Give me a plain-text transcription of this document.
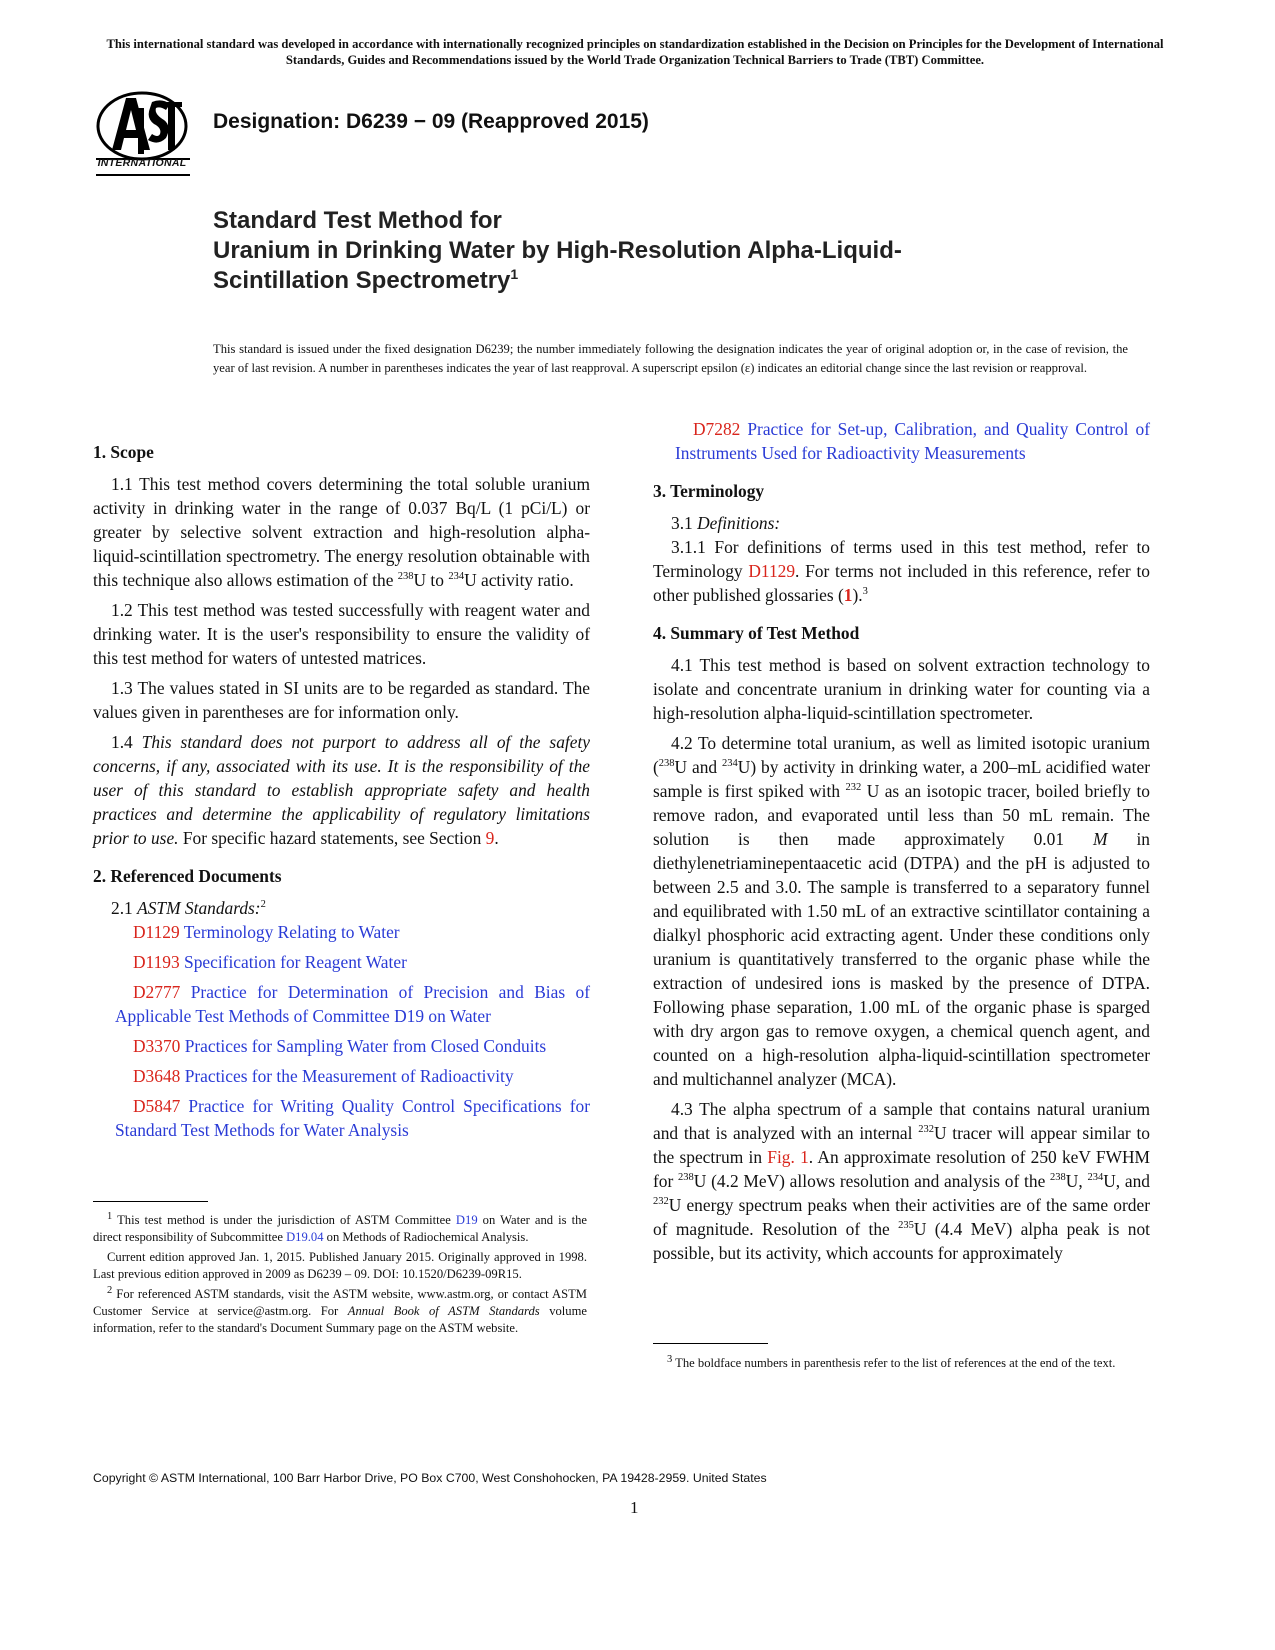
This international standard was developed in accordance with internationally recognized principles on standardization established in the Decision on Principles for the Development of International Standards, Guides and Recommendations issued by the World Trade Organization Technical Barriers to Trade (TBT) Committee.
INTERNATIONAL
Designation: D6239 − 09 (Reapproved 2015)
Standard Test Method for
Uranium in Drinking Water by High-Resolution Alpha-Liquid-
Scintillation Spectrometry$^1$
This standard is issued under the fixed designation D6239; the number immediately following the designation indicates the year of original adoption or, in the case of revision, the year of last revision. A number in parentheses indicates the year of last reapproval. A superscript epsilon (ε) indicates an editorial change since the last revision or reapproval.
1. Scope

1.1 This test method covers determining the total soluble uranium activity in drinking water in the range of 0.037 Bq/L (1 pCi/L) or greater by selective solvent extraction and high-resolution alpha-liquid-scintillation spectrometry. The energy resolution obtainable with this technique also allows estimation of the $^{238}$U to $^{234}$U activity ratio.

1.2 This test method was tested successfully with reagent water and drinking water. It is the user's responsibility to ensure the validity of this test method for waters of untested matrices.

1.3 The values stated in SI units are to be regarded as standard. The values given in parentheses are for information only.

1.4 This standard does not purport to address all of the safety concerns, if any, associated with its use. It is the responsibility of the user of this standard to establish appropriate safety and health practices and determine the applicability of regulatory limitations prior to use. For specific hazard statements, see Section 9.

2. Referenced Documents

2.1 ASTM Standards:$^2$

D1129 Terminology Relating to Water

D1193 Specification for Reagent Water

D2777 Practice for Determination of Precision and Bias of Applicable Test Methods of Committee D19 on Water

D3370 Practices for Sampling Water from Closed Conduits

D3648 Practices for the Measurement of Radioactivity

D5847 Practice for Writing Quality Control Specifications for Standard Test Methods for Water Analysis

$^1$ This test method is under the jurisdiction of ASTM Committee D19 on Water and is the direct responsibility of Subcommittee D19.04 on Methods of Radiochemical Analysis.

Current edition approved Jan. 1, 2015. Published January 2015. Originally approved in 1998. Last previous edition approved in 2009 as D6239 – 09. DOI: 10.1520/D6239-09R15.

$^2$ For referenced ASTM standards, visit the ASTM website, www.astm.org, or contact ASTM Customer Service at service@astm.org. For Annual Book of ASTM Standards volume information, refer to the standard's Document Summary page on the ASTM website.

D7282 Practice for Set-up, Calibration, and Quality Control of Instruments Used for Radioactivity Measurements

3. Terminology

3.1 Definitions:

3.1.1 For definitions of terms used in this test method, refer to Terminology D1129. For terms not included in this reference, refer to other published glossaries (1).$^3$

4. Summary of Test Method

4.1 This test method is based on solvent extraction technology to isolate and concentrate uranium in drinking water for counting via a high-resolution alpha-liquid-scintillation spectrometer.

4.2 To determine total uranium, as well as limited isotopic uranium ($^{238}$U and $^{234}$U) by activity in drinking water, a 200–mL acidified water sample is first spiked with $^{232}$ U as an isotopic tracer, boiled briefly to remove radon, and evaporated until less than 50 mL remain. The solution is then made approximately 0.01 M in diethylenetriaminepentaacetic acid (DTPA) and the pH is adjusted to between 2.5 and 3.0. The sample is transferred to a separatory funnel and equilibrated with 1.50 mL of an extractive scintillator containing a dialkyl phosphoric acid extracting agent. Under these conditions only uranium is quantitatively transferred to the organic phase while the extraction of undesired ions is masked by the presence of DTPA. Following phase separation, 1.00 mL of the organic phase is sparged with dry argon gas to remove oxygen, a chemical quench agent, and counted on a high-resolution alpha-liquid-scintillation spectrometer and multichannel analyzer (MCA).

4.3 The alpha spectrum of a sample that contains natural uranium and that is analyzed with an internal $^{232}$U tracer will appear similar to the spectrum in Fig. 1. An approximate resolution of 250 keV FWHM for $^{238}$U (4.2 MeV) allows resolution and analysis of the $^{238}$U, $^{234}$U, and $^{232}$U energy spectrum peaks when their activities are of the same order of magnitude. Resolution of the $^{235}$U (4.4 MeV) alpha peak is not possible, but its activity, which accounts for approximately

$^3$ The boldface numbers in parenthesis refer to the list of references at the end of the text.

Copyright © ASTM International, 100 Barr Harbor Drive, PO Box C700, West Conshohocken, PA 19428-2959. United States
1
